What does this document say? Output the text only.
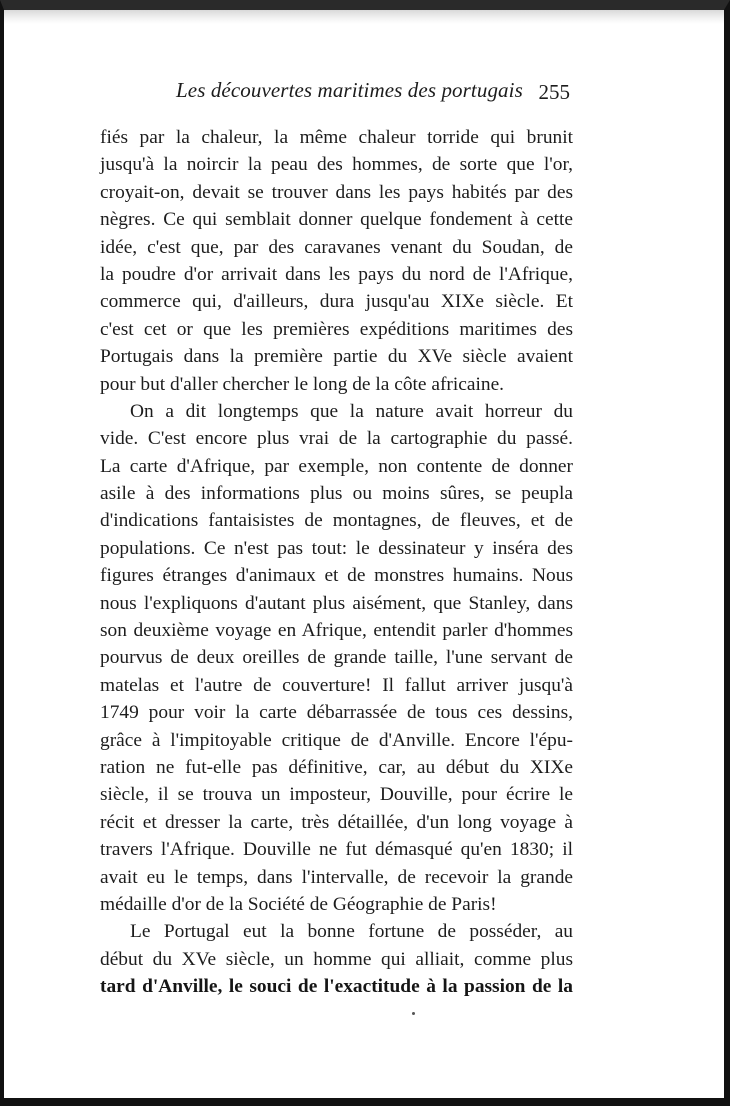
Les découvertes maritimes des portugais 255
fiés par la chaleur, la même chaleur torride qui brunit
jusqu'à la noircir la peau des hommes, de sorte que l'or,
croyait-on, devait se trouver dans les pays habités par des
nègres. Ce qui semblait donner quelque fondement à cette
idée, c'est que, par des caravanes venant du Soudan, de
la poudre d'or arrivait dans les pays du nord de l'Afrique,
commerce qui, d'ailleurs, dura jusqu'au XIXe siècle. Et
c'est cet or que les premières expéditions maritimes des
Portugais dans la première partie du XVe siècle avaient
pour but d'aller chercher le long de la côte africaine.
On a dit longtemps que la nature avait horreur du
vide. C'est encore plus vrai de la cartographie du passé.
La carte d'Afrique, par exemple, non contente de donner
asile à des informations plus ou moins sûres, se peupla
d'indications fantaisistes de montagnes, de fleuves, et de
populations. Ce n'est pas tout: le dessinateur y inséra des
figures étranges d'animaux et de monstres humains. Nous
nous l'expliquons d'autant plus aisément, que Stanley, dans
son deuxième voyage en Afrique, entendit parler d'hommes
pourvus de deux oreilles de grande taille, l'une servant de
matelas et l'autre de couverture! Il fallut arriver jusqu'à
1749 pour voir la carte débarrassée de tous ces dessins,
grâce à l'impitoyable critique de d'Anville. Encore l'épu-
ration ne fut-elle pas définitive, car, au début du XIXe
siècle, il se trouva un imposteur, Douville, pour écrire le
récit et dresser la carte, très détaillée, d'un long voyage à
travers l'Afrique. Douville ne fut démasqué qu'en 1830; il
avait eu le temps, dans l'intervalle, de recevoir la grande
médaille d'or de la Société de Géographie de Paris!
Le Portugal eut la bonne fortune de posséder, au
début du XVe siècle, un homme qui alliait, comme plus
tard d'Anville, le souci de l'exactitude à la passion de la
